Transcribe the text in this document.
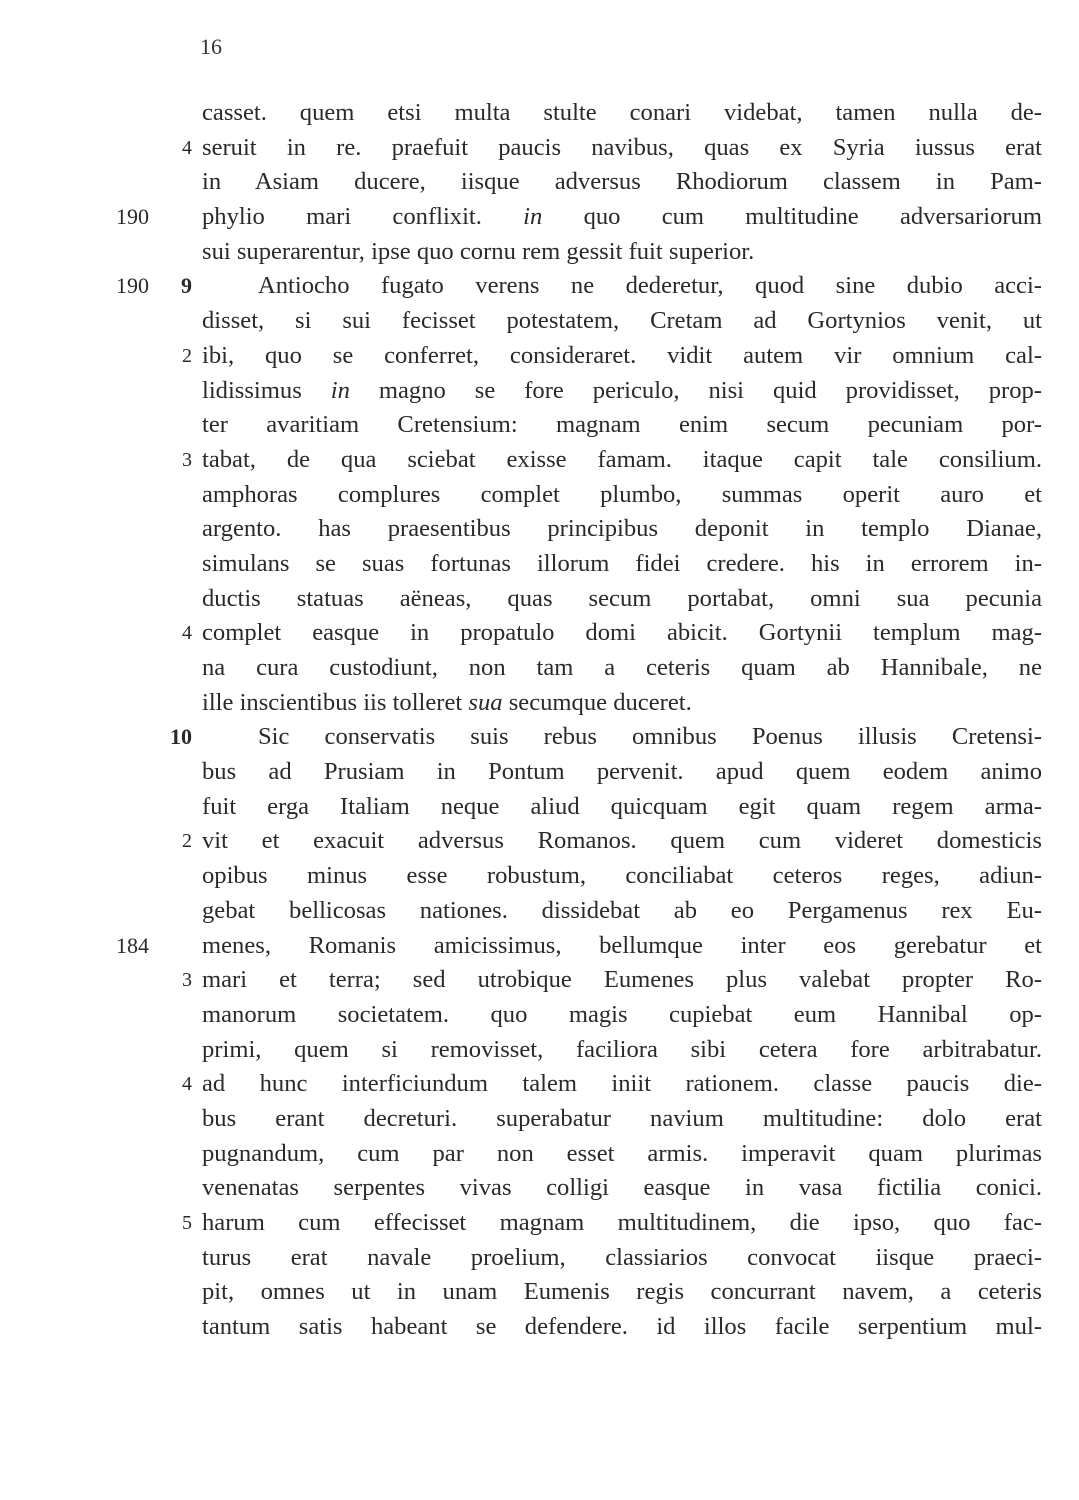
16
casset. quem etsi multa stulte conari videbat, tamen nulla de-
4 seruit in re. praefuit paucis navibus, quas ex Syria iussus erat
in Asiam ducere, iisque adversus Rhodiorum classem in Pam-
190	phylio mari conflixit. in quo cum multitudine adversariorum
sui superarentur, ipse quo cornu rem gessit fuit superior.
190	9	Antiocho fugato verens ne dederetur, quod sine dubio acci-
disset, si sui fecisset potestatem, Cretam ad Gortynios venit, ut
2 ibi, quo se conferret, consideraret. vidit autem vir omnium cal-
lidissimus in magno se fore periculo, nisi quid providisset, prop-
ter avaritiam Cretensium: magnam enim secum pecuniam por-
3 tabat, de qua sciebat exisse famam. itaque capit tale consilium.
amphoras complures complet plumbo, summas operit auro et
argento. has praesentibus principibus deponit in templo Dianae,
simulans se suas fortunas illorum fidei credere. his in errorem in-
ductis statuas aëneas, quas secum portabat, omni sua pecunia
4 complet easque in propatulo domi abicit. Gortynii templum mag-
na cura custodiunt, non tam a ceteris quam ab Hannibale, ne
ille inscientibus iis tolleret sua secumque duceret.
10	Sic conservatis suis rebus omnibus Poenus illusis Cretensi-
bus ad Prusiam in Pontum pervenit. apud quem eodem animo
fuit erga Italiam neque aliud quicquam egit quam regem arma-
2 vit et exacuit adversus Romanos. quem cum videret domesticis
opibus minus esse robustum, conciliabat ceteros reges, adiun-
gebat bellicosas nationes. dissidebat ab eo Pergamenus rex Eu-
184	menes, Romanis amicissimus, bellumque inter eos gerebatur et
3 mari et terra; sed utrobique Eumenes plus valebat propter Ro-
manorum societatem. quo magis cupiebat eum Hannibal op-
primi, quem si removisset, faciliora sibi cetera fore arbitrabatur.
4 ad hunc interficiundum talem iniit rationem. classe paucis die-
bus erant decreturi. superabatur navium multitudine: dolo erat
pugnandum, cum par non esset armis. imperavit quam plurimas
venenatas serpentes vivas colligi easque in vasa fictilia conici.
5 harum cum effecisset magnam multitudinem, die ipso, quo fac-
turus erat navale proelium, classiarios convocat iisque praeci-
pit, omnes ut in unam Eumenis regis concurrant navem, a ceteris
tantum satis habeant se defendere. id illos facile serpentium mul-
